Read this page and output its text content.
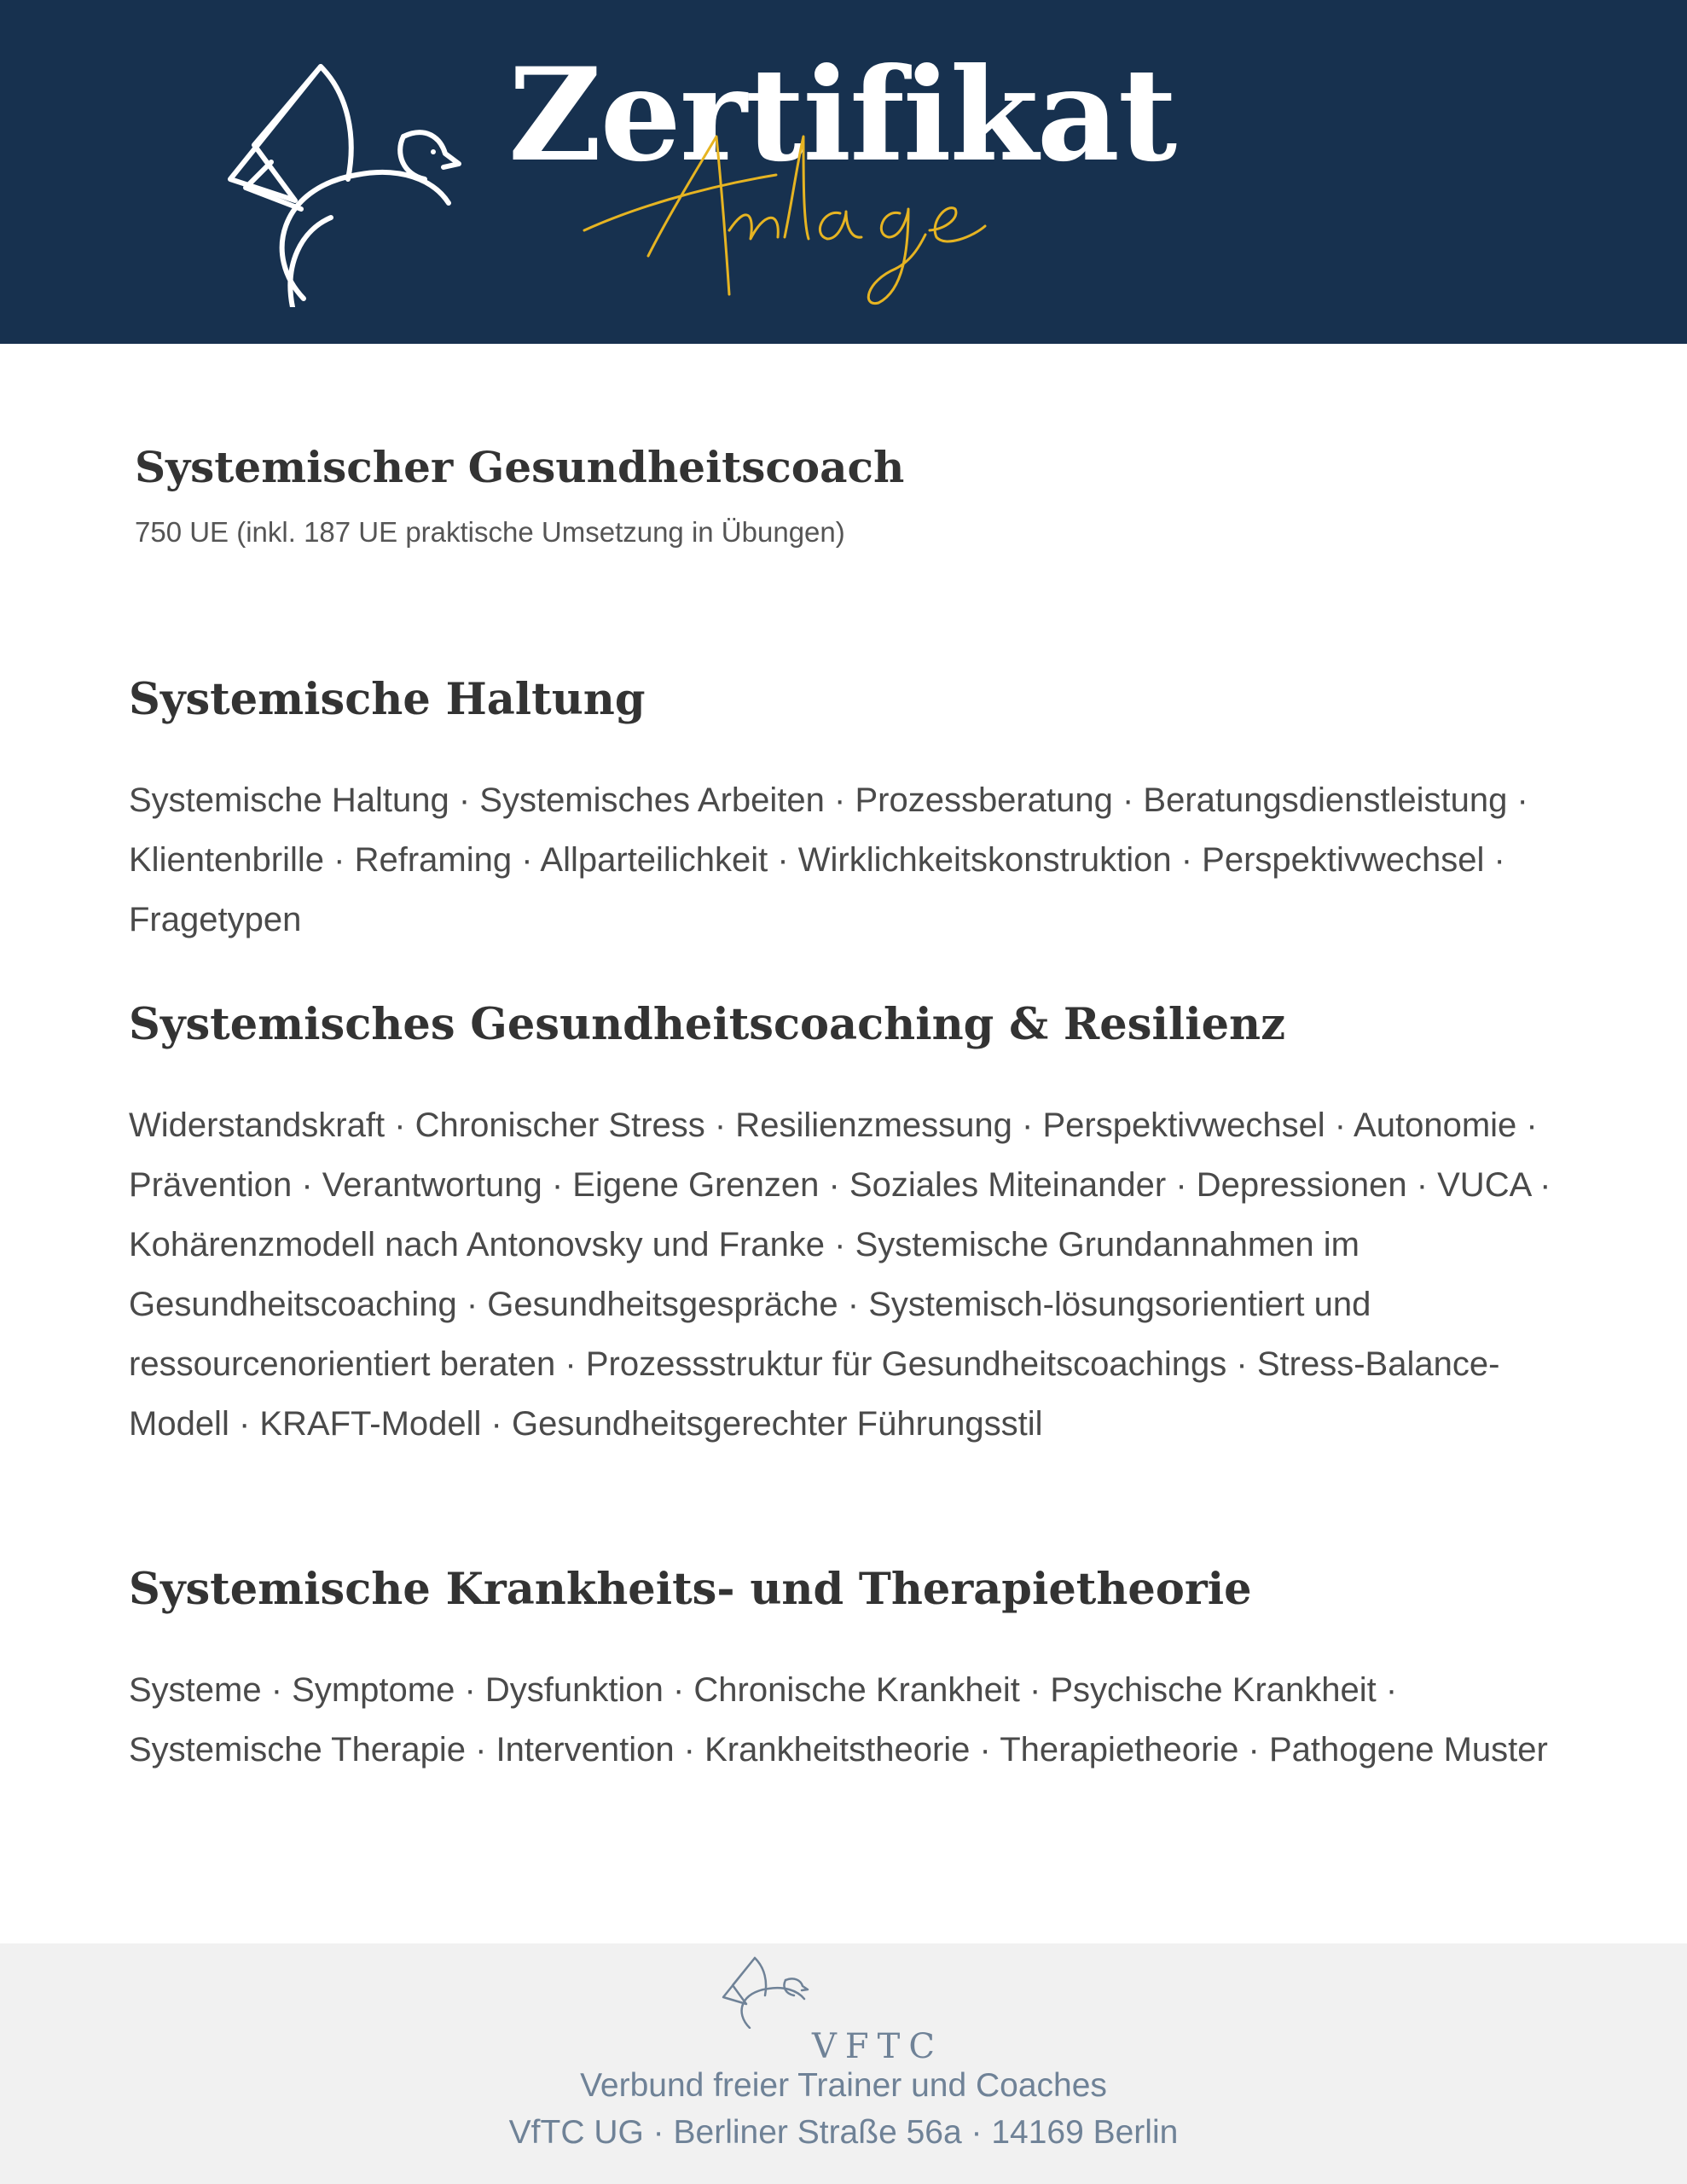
Zertifikat
Systemischer Gesundheitscoach
750 UE (inkl. 187 UE praktische Umsetzung in Übungen)
Systemische Haltung
Systemische Haltung · Systemisches Arbeiten · Prozessberatung · Beratungsdienstleistung · Klientenbrille · Reframing · Allparteilichkeit · Wirklichkeitskonstruktion · Perspektivwechsel · Fragetypen
Systemisches Gesundheitscoaching & Resilienz
Widerstandskraft · Chronischer Stress · Resilienzmessung · Perspektivwechsel · Autonomie · Prävention · Verantwortung · Eigene Grenzen · Soziales Miteinander · Depressionen · VUCA · Kohärenzmodell nach Antonovsky und Franke · Systemische Grundannahmen im Gesundheitscoaching · Gesundheitsgespräche · Systemisch-lösungsorientiert und ressourcenorientiert beraten · Prozessstruktur für Gesundheitscoachings · Stress-Balance-Modell · KRAFT-Modell · Gesundheitsgerechter Führungsstil
Systemische Krankheits- und Therapietheorie
Systeme · Symptome · Dysfunktion · Chronische Krankheit · Psychische Krankheit · Systemische Therapie · Intervention · Krankheitstheorie · Therapietheorie · Pathogene Muster
VFTC
Verbund freier Trainer und Coaches
VfTC UG · Berliner Straße 56a · 14169 Berlin
